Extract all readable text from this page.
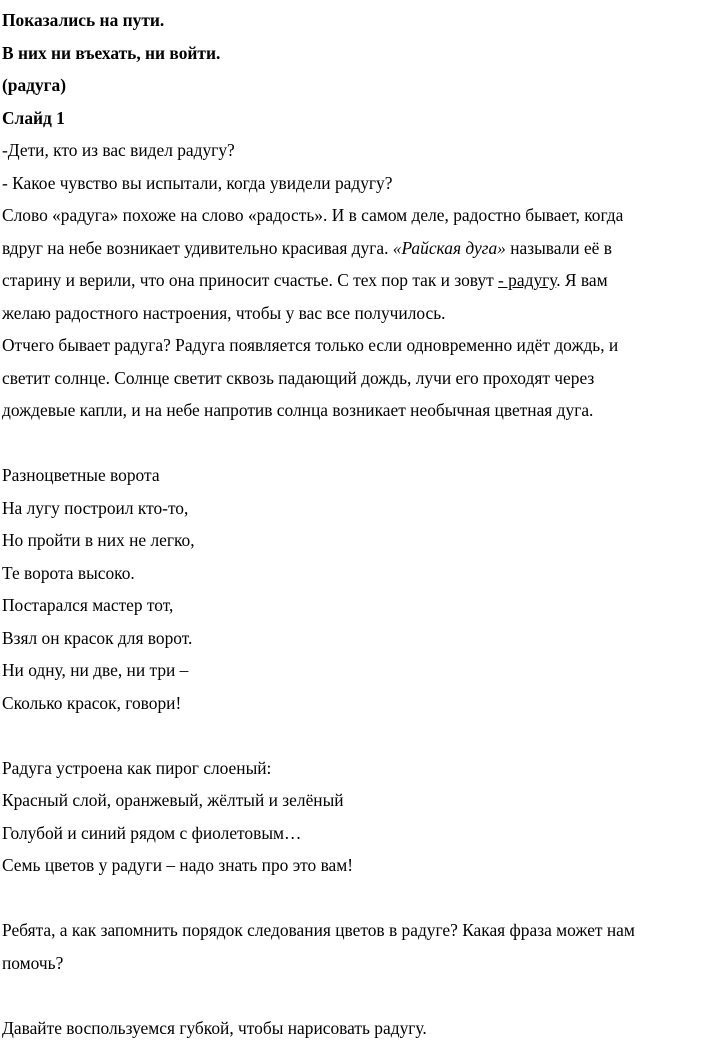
Показались на пути.
В них ни въехать, ни войти.
(радуга)
Слайд 1
-Дети, кто из вас видел радугу?
- Какое чувство вы испытали, когда увидели радугу?
Слово «радуга» похоже на слово «радость». И в самом деле, радостно бывает, когда
вдруг на небе возникает удивительно красивая дуга. «Райская дуга» называли её в
старину и верили, что она приносит счастье. С тех пор так и зовут - радугу. Я вам
желаю радостного настроения, чтобы у вас все получилось.
Отчего бывает радуга? Радуга появляется только если одновременно идёт дождь, и
светит солнце. Солнце светит сквозь падающий дождь, лучи его проходят через
дождевые капли, и на небе напротив солнца возникает необычная цветная дуга.
Разноцветные ворота
На лугу построил кто-то,
Но пройти в них не легко,
Те ворота высоко.
Постарался мастер тот,
Взял он красок для ворот.
Ни одну, ни две, ни три –
Сколько красок, говори!
Радуга устроена как пирог слоеный:
Красный слой, оранжевый, жёлтый и зелёный
Голубой и синий рядом с фиолетовым…
Семь цветов у радуги – надо знать про это вам!
Ребята, а как запомнить порядок следования цветов в радуге? Какая фраза может нам
помочь?
Давайте воспользуемся губкой, чтобы нарисовать радугу.
